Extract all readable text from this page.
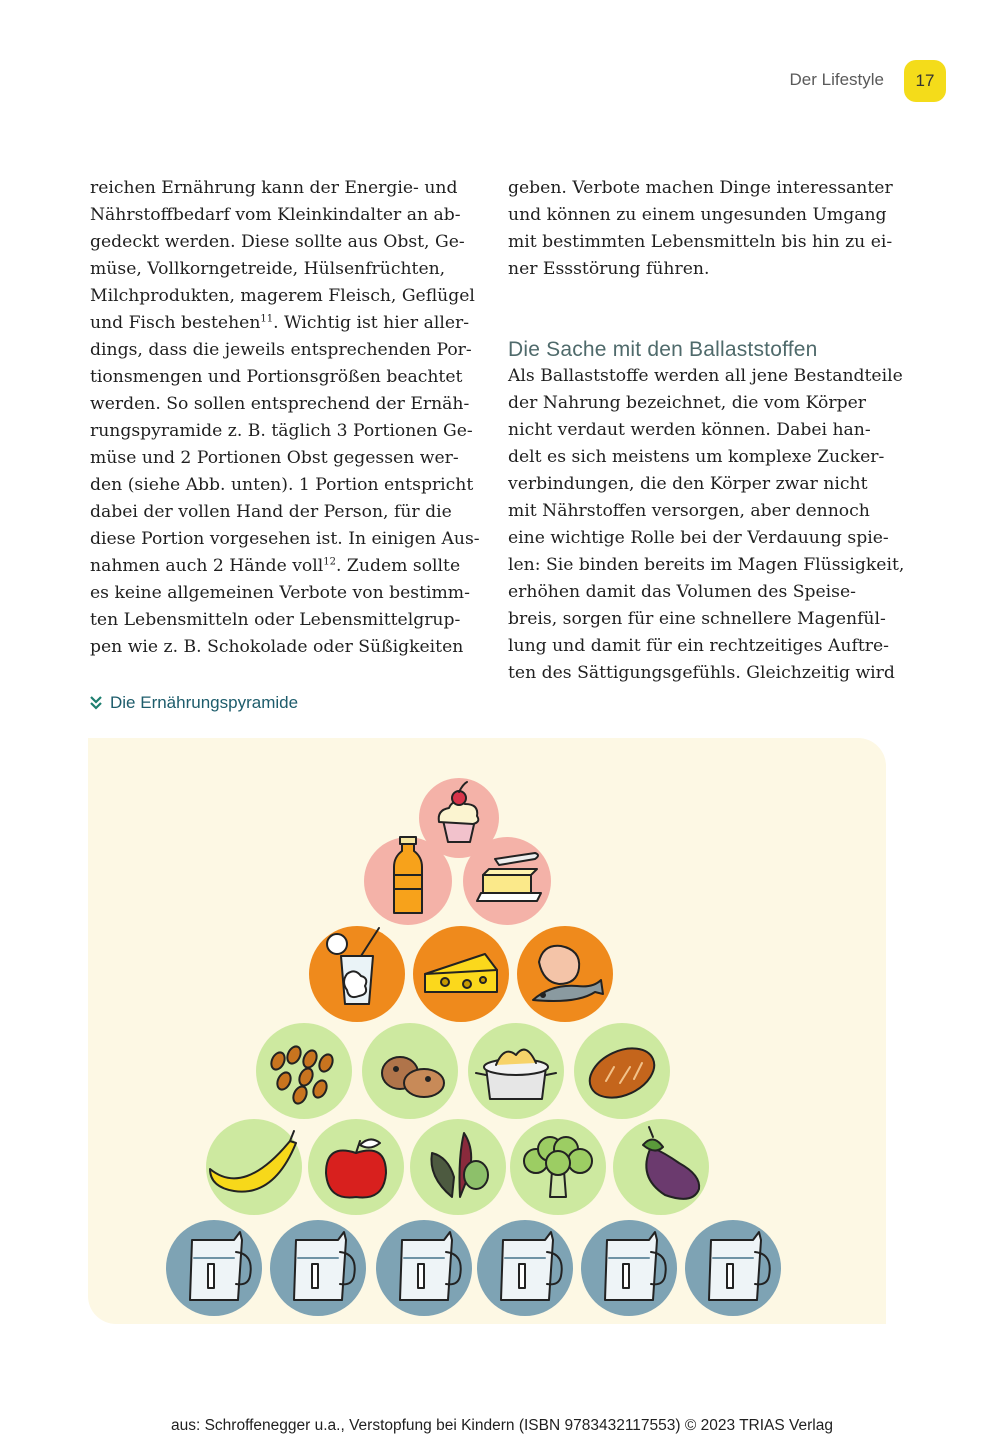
Der Lifestyle	17
reichen Ernährung kann der Energie- und
Nährstoffbedarf vom Kleinkindalter an ab-
gedeckt werden. Diese sollte aus Obst, Ge-
müse, Vollkorngetreide, Hülsenfrüchten,
Milchprodukten, magerem Fleisch, Geflügel
und Fisch bestehen$^{11}$. Wichtig ist hier aller-
dings, dass die jeweils entsprechenden Por-
tionsmengen und Portionsgrößen beachtet
werden. So sollen entsprechend der Ernäh-
rungspyramide z. B. täglich 3 Portionen Ge-
müse und 2 Portionen Obst gegessen wer-
den (siehe Abb. unten). 1 Portion entspricht
dabei der vollen Hand der Person, für die
diese Portion vorgesehen ist. In einigen Aus-
nahmen auch 2 Hände voll$^{12}$. Zudem sollte
es keine allgemeinen Verbote von bestimm-
ten Lebensmitteln oder Lebensmittelgrup-
pen wie z. B. Schokolade oder Süßigkeiten
geben. Verbote machen Dinge interessanter
und können zu einem ungesunden Umgang
mit bestimmten Lebensmitteln bis hin zu ei-
ner Essstörung führen.
Die Sache mit den Ballaststoffen
Als Ballaststoffe werden all jene Bestandteile
der Nahrung bezeichnet, die vom Körper
nicht verdaut werden können. Dabei han-
delt es sich meistens um komplexe Zucker-
verbindungen, die den Körper zwar nicht
mit Nährstoffen versorgen, aber dennoch
eine wichtige Rolle bei der Verdauung spie-
len: Sie binden bereits im Magen Flüssigkeit,
erhöhen damit das Volumen des Speise-
breis, sorgen für eine schnellere Magenfül-
lung und damit für ein rechtzeitiges Auftre-
ten des Sättigungsgefühls. Gleichzeitig wird
Die Ernährungspyramide
aus: Schroffenegger u.a., Verstopfung bei Kindern (ISBN 9783432117553) © 2023 TRIAS Verlag
